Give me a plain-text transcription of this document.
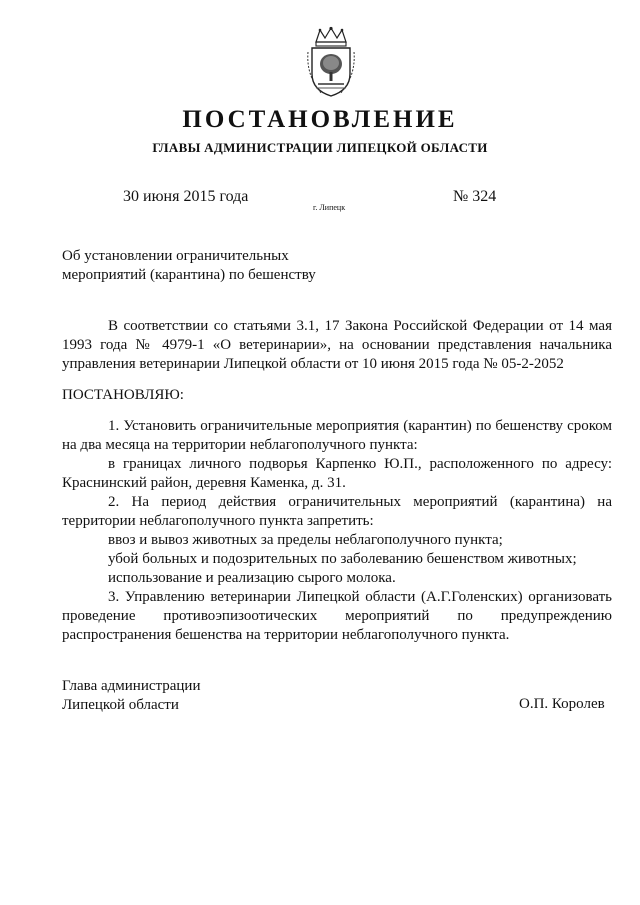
ПОСТАНОВЛЕНИЕ
ГЛАВЫ АДМИНИСТРАЦИИ ЛИПЕЦКОЙ ОБЛАСТИ
30 июня 2015 года
г. Липецк
№ 324
Об установлении ограничительных
мероприятий (карантина) по бешенству

В соответствии со статьями 3.1, 17 Закона Российской Федерации от 14 мая 1993 года № 4979-1 «О ветеринарии», на основании представления начальника управления ветеринарии Липецкой области от 10 июня 2015 года № 05-2-2052

ПОСТАНОВЛЯЮ:

1. Установить ограничительные мероприятия (карантин) по бешенству сроком на два месяца на территории неблагополучного пункта:

в границах личного подворья Карпенко Ю.П., расположенного по адресу: Краснинский район, деревня Каменка, д. 31.

2. На период действия ограничительных мероприятий (карантина) на территории неблагополучного пункта запретить:

ввоз и вывоз животных за пределы неблагополучного пункта;

убой больных и подозрительных по заболеванию бешенством животных;

использование и реализацию сырого молока.

3. Управлению ветеринарии Липецкой области (А.Г.Голенских) организовать проведение противоэпизоотических мероприятий по предупреждению распространения бешенства на территории неблагополучного пункта.

Глава администрации
Липецкой области	О.П. Королев
